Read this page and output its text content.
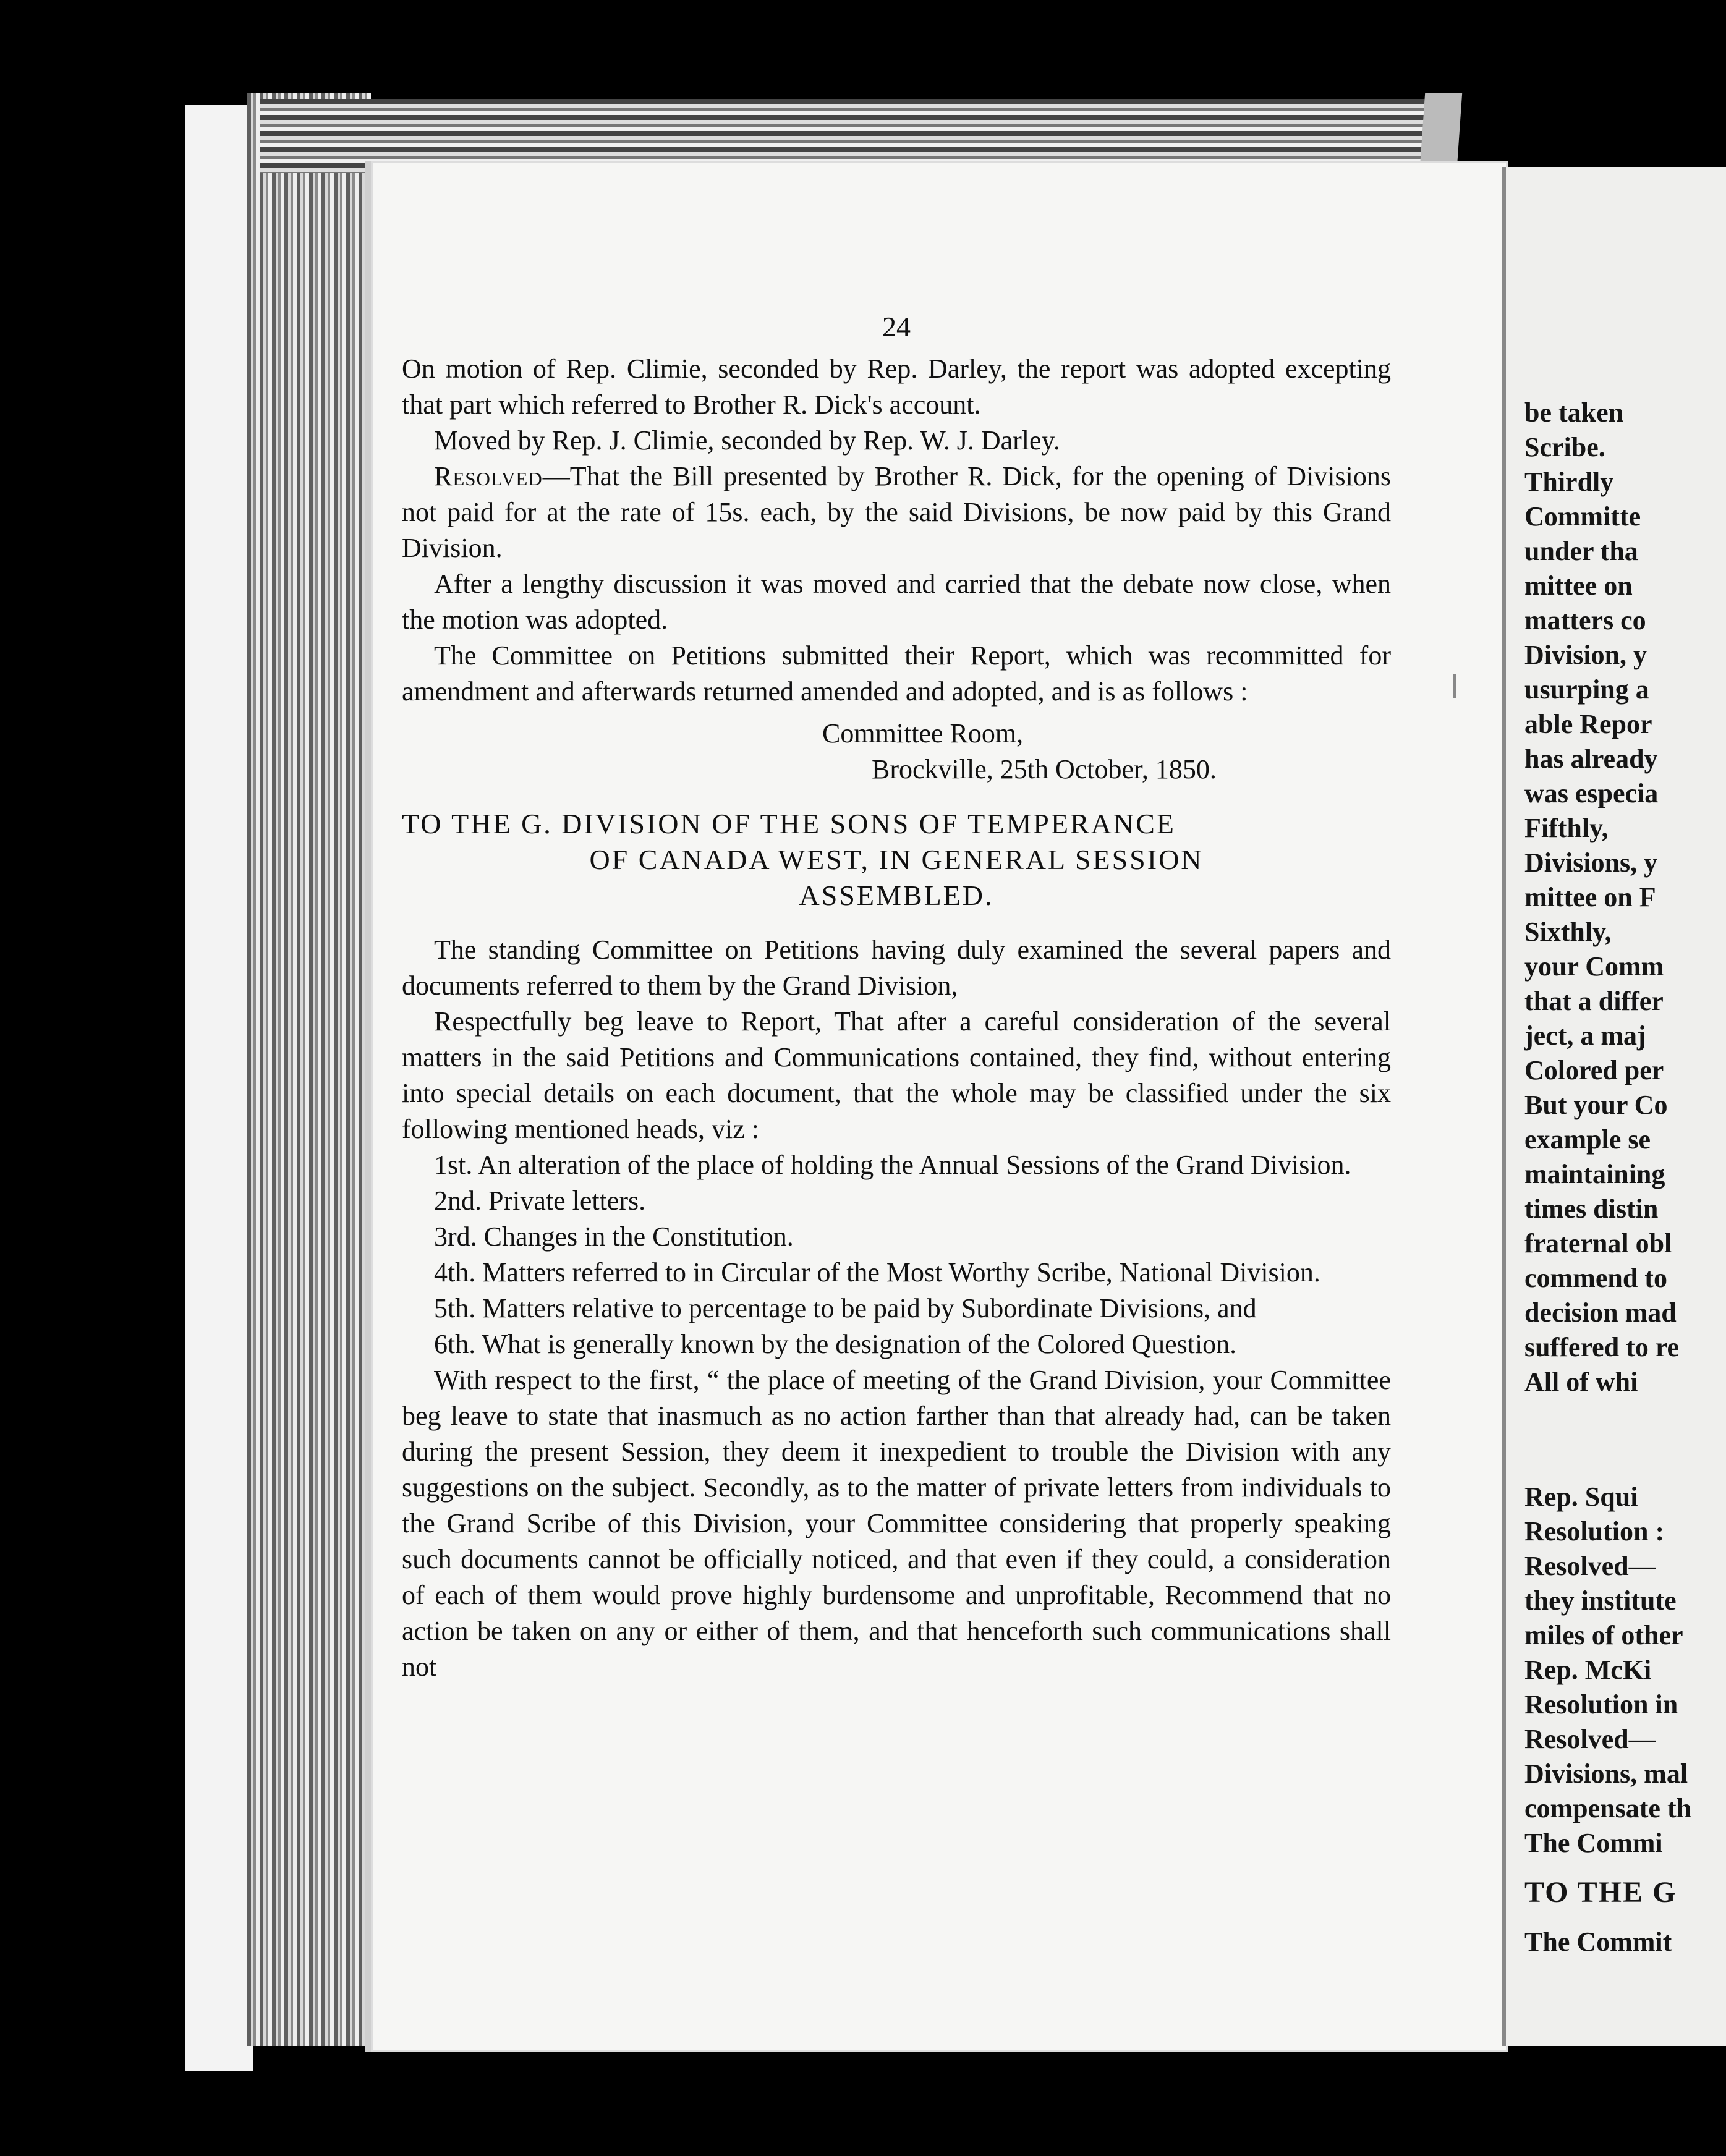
24

On motion of Rep. Climie, seconded by Rep. Darley, the report was adopted excepting that part which referred to Brother R. Dick's account.

Moved by Rep. J. Climie, seconded by Rep. W. J. Darley.

Resolved—That the Bill presented by Brother R. Dick, for the opening of Divisions not paid for at the rate of 15s. each, by the said Divisions, be now paid by this Grand Division.

After a lengthy discussion it was moved and carried that the debate now close, when the motion was adopted.

The Committee on Petitions submitted their Report, which was recommitted for amendment and afterwards returned amended and adopted, and is as follows :

Committee Room,
Brockville, 25th October, 1850.
TO THE G. DIVISION OF THE SONS OF TEMPERANCE
OF CANADA WEST, IN GENERAL SESSION
ASSEMBLED.

The standing Committee on Petitions having duly examined the several papers and documents referred to them by the Grand Division,

Respectfully beg leave to Report, That after a careful consideration of the several matters in the said Petitions and Communications contained, they find, without entering into special details on each document, that the whole may be classified under the six following mentioned heads, viz :

1st. An alteration of the place of holding the Annual Sessions of the Grand Division.

2nd. Private letters.

3rd. Changes in the Constitution.

4th. Matters referred to in Circular of the Most Worthy Scribe, National Division.

5th. Matters relative to percentage to be paid by Subordinate Divisions, and

6th. What is generally known by the designation of the Colored Question.

With respect to the first, “ the place of meeting of the Grand Division, your Committee beg leave to state that inasmuch as no action farther than that already had, can be taken during the present Session, they deem it inexpedient to trouble the Division with any suggestions on the subject. Secondly, as to the matter of private letters from individuals to the Grand Scribe of this Division, your Committee considering that properly speaking such documents cannot be officially noticed, and that even if they could, a consideration of each of them would prove highly burdensome and unprofitable, Recommend that no action be taken on any or either of them, and that henceforth such communications shall not

be taken
Scribe.
Thirdly
Committe
under tha
mittee on
matters co
Division, y
usurping a
able Repor
has already
was especia
Fifthly,
Divisions, y
mittee on F
Sixthly,
your Comm
that a differ
ject, a maj
Colored per
But your Co
example se
maintaining
times distin
fraternal obl
commend to
decision mad
suffered to re
All of whi
Rep. Squi
Resolution :
Resolved—
they institute
miles of other
Rep. McKi
Resolution in
Resolved—
Divisions, mal
compensate th
The Commi
TO THE G
The Commit
